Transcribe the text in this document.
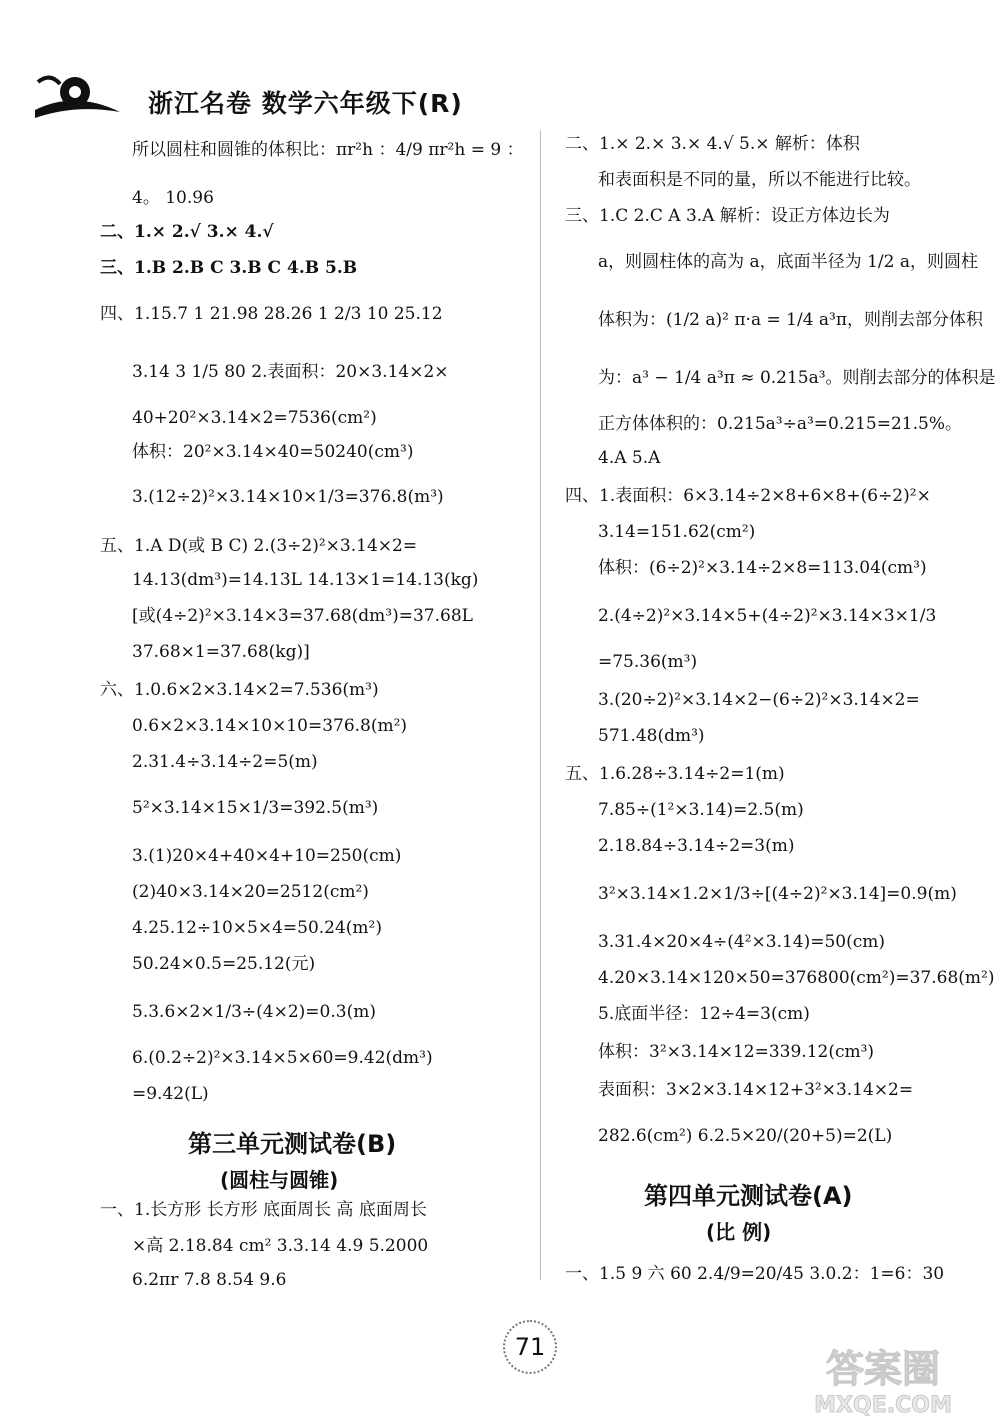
浙江名卷 数学六年级下(R)
所以圆柱和圆锥的体积比：πr²h ：4/9 πr²h = 9 ：
4。 10.96
二、1.× 2.√ 3.× 4.√
三、1.B 2.B C 3.B C 4.B 5.B
四、1.15.7 1 21.98 28.26 1 2/3 10 25.12
3.14 3 1/5 80 2.表面积：20×3.14×2×
40+20²×3.14×2=7536(cm²)
体积：20²×3.14×40=50240(cm³)
3.(12÷2)²×3.14×10×1/3=376.8(m³)
五、1.A D(或 B C) 2.(3÷2)²×3.14×2=
14.13(dm³)=14.13L 14.13×1=14.13(kg)
[或(4÷2)²×3.14×3=37.68(dm³)=37.68L
37.68×1=37.68(kg)]
六、1.0.6×2×3.14×2=7.536(m³)
0.6×2×3.14×10×10=376.8(m²)
2.31.4÷3.14÷2=5(m)
5²×3.14×15×1/3=392.5(m³)
3.(1)20×4+40×4+10=250(cm)
(2)40×3.14×20=2512(cm²)
4.25.12÷10×5×4=50.24(m²)
50.24×0.5=25.12(元)
5.3.6×2×1/3÷(4×2)=0.3(m)
6.(0.2÷2)²×3.14×5×60=9.42(dm³)
=9.42(L)
第三单元测试卷(B)
(圆柱与圆锥)
一、1.长方形 长方形 底面周长 高 底面周长
×高 2.18.84 cm² 3.3.14 4.9 5.2000
6.2πr 7.8 8.54 9.6
二、1.× 2.× 3.× 4.√ 5.× 解析：体积
和表面积是不同的量，所以不能进行比较。
三、1.C 2.C A 3.A 解析：设正方体边长为
a，则圆柱体的高为 a，底面半径为 1/2 a，则圆柱
体积为：(1/2 a)² π·a = 1/4 a³π，则削去部分体积
为：a³ − 1/4 a³π ≈ 0.215a³。则削去部分的体积是
正方体体积的：0.215a³÷a³=0.215=21.5%。
4.A 5.A
四、1.表面积：6×3.14÷2×8+6×8+(6÷2)²×
3.14=151.62(cm²)
体积：(6÷2)²×3.14÷2×8=113.04(cm³)
2.(4÷2)²×3.14×5+(4÷2)²×3.14×3×1/3
=75.36(m³)
3.(20÷2)²×3.14×2−(6÷2)²×3.14×2=
571.48(dm³)
五、1.6.28÷3.14÷2=1(m)
7.85÷(1²×3.14)=2.5(m)
2.18.84÷3.14÷2=3(m)
3²×3.14×1.2×1/3÷[(4÷2)²×3.14]=0.9(m)
3.31.4×20×4÷(4²×3.14)=50(cm)
4.20×3.14×120×50=376800(cm²)=37.68(m²)
5.底面半径：12÷4=3(cm)
体积：3²×3.14×12=339.12(cm³)
表面积：3×2×3.14×12+3²×3.14×2=
282.6(cm²) 6.2.5×20/(20+5)=2(L)
第四单元测试卷(A)
(比 例)
一、1.5 9 六 60 2.4/9=20/45 3.0.2：1=6：30
71	答案圈
MXQE.COM
